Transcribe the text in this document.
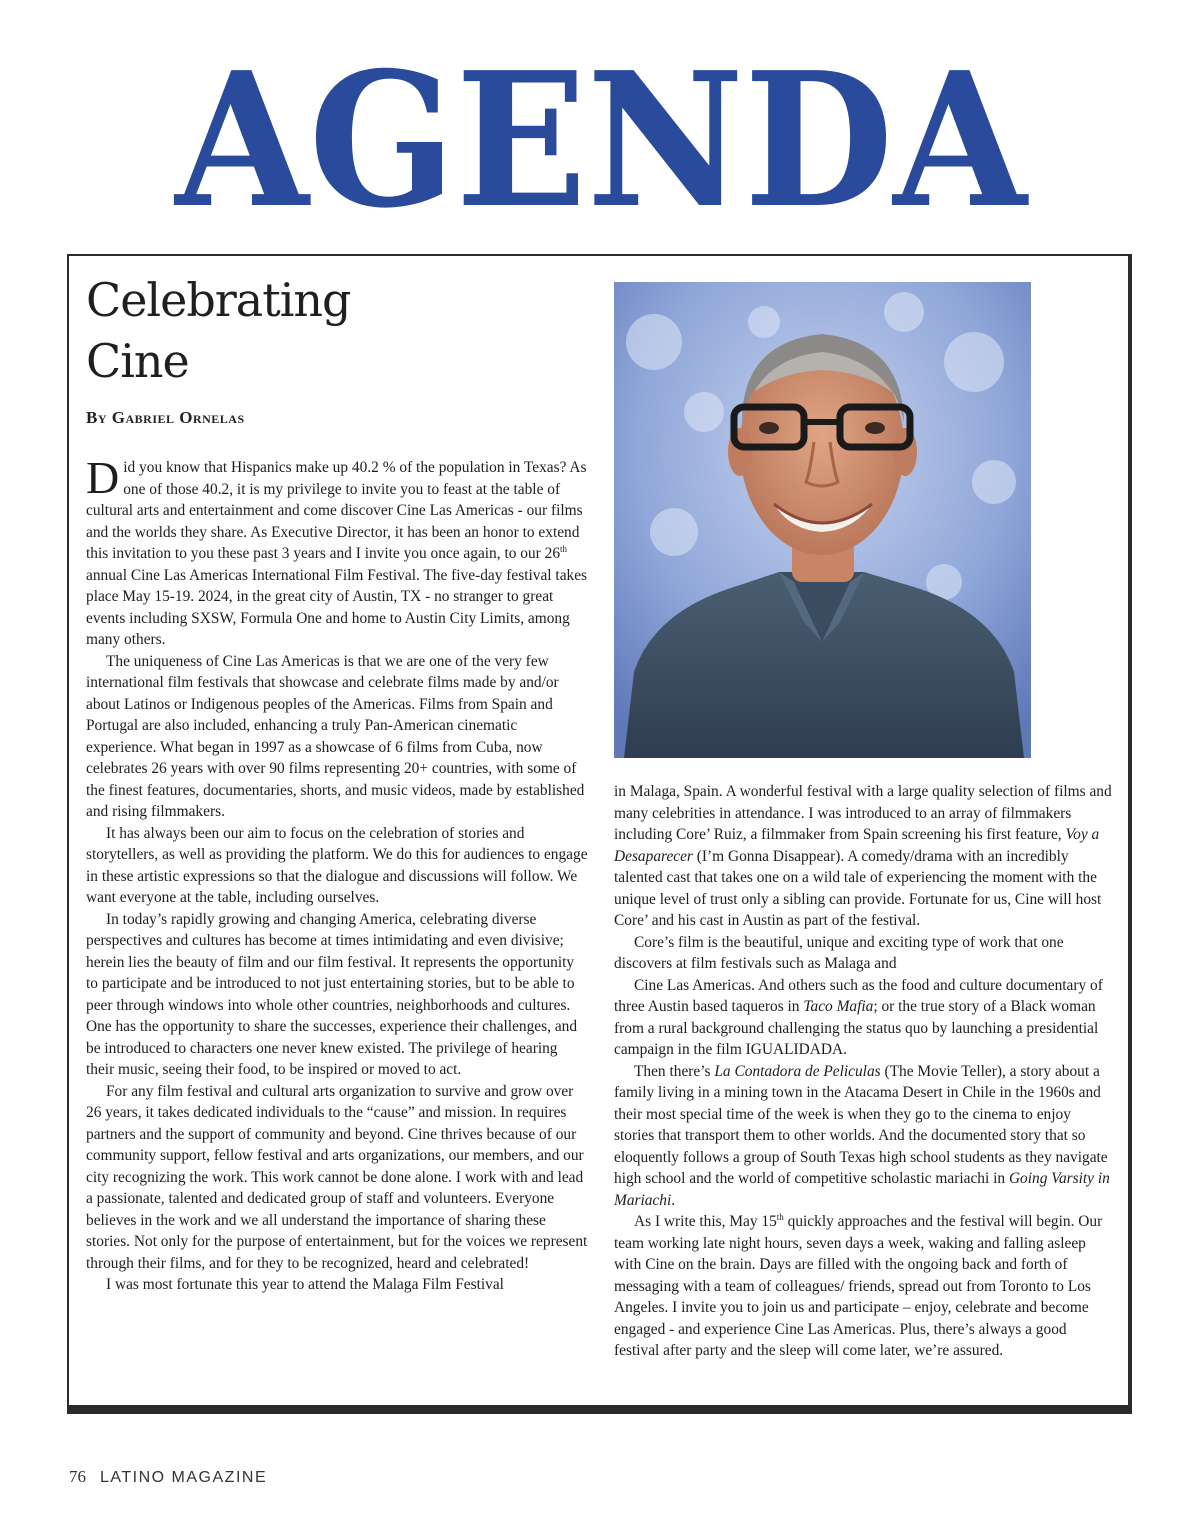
AGENDA
Celebrating
Cine
By Gabriel Ornelas

Did you know that Hispanics make up 40.2 % of the population in Texas? As one of those 40.2, it is my privilege to invite you to feast at the table of cultural arts and entertainment and come discover Cine Las Americas - our films and the worlds they share. As Executive Director, it has been an honor to extend this invitation to you these past 3 years and I invite you once again, to our 26th annual Cine Las Americas International Film Festival. The five-day festival takes place May 15-19. 2024, in the great city of Austin, TX - no stranger to great events including SXSW, Formula One and home to Austin City Limits, among many others.

The uniqueness of Cine Las Americas is that we are one of the very few international film festivals that showcase and celebrate films made by and/or about Latinos or Indigenous peoples of the Americas. Films from Spain and Portugal are also included, enhancing a truly Pan-American cinematic experience. What began in 1997 as a showcase of 6 films from Cuba, now celebrates 26 years with over 90 films representing 20+ countries, with some of the finest features, documentaries, shorts, and music videos, made by established and rising filmmakers.

It has always been our aim to focus on the celebration of stories and storytellers, as well as providing the platform. We do this for audiences to engage in these artistic expressions so that the dialogue and discussions will follow. We want everyone at the table, including ourselves.

In today’s rapidly growing and changing America, celebrating diverse perspectives and cultures has become at times intimidating and even divisive; herein lies the beauty of film and our film festival. It represents the opportunity to participate and be introduced to not just entertaining stories, but to be able to peer through windows into whole other countries, neighborhoods and cultures. One has the opportunity to share the successes, experience their challenges, and be introduced to characters one never knew existed. The privilege of hearing their music, seeing their food, to be inspired or moved to act.

For any film festival and cultural arts organization to survive and grow over 26 years, it takes dedicated individuals to the “cause” and mission. In requires partners and the support of community and beyond. Cine thrives because of our community support, fellow festival and arts organizations, our members, and our city recognizing the work. This work cannot be done alone. I work with and lead a passionate, talented and dedicated group of staff and volunteers. Everyone believes in the work and we all understand the importance of sharing these stories. Not only for the purpose of entertainment, but for the voices we represent through their films, and for they to be recognized, heard and celebrated!

I was most fortunate this year to attend the Malaga Film Festival

in Malaga, Spain. A wonderful festival with a large quality selection of films and many celebrities in attendance. I was introduced to an array of filmmakers including Core’ Ruiz, a filmmaker from Spain screening his first feature, Voy a Desaparecer (I’m Gonna Disappear). A comedy/drama with an incredibly talented cast that takes one on a wild tale of experiencing the moment with the unique level of trust only a sibling can provide. Fortunate for us, Cine will host Core’ and his cast in Austin as part of the festival.

Core’s film is the beautiful, unique and exciting type of work that one discovers at film festivals such as Malaga and

Cine Las Americas. And others such as the food and culture documentary of three Austin based taqueros in Taco Mafia; or the true story of a Black woman from a rural background challenging the status quo by launching a presidential campaign in the film IGUALIDADA.

Then there’s La Contadora de Peliculas (The Movie Teller), a story about a family living in a mining town in the Atacama Desert in Chile in the 1960s and their most special time of the week is when they go to the cinema to enjoy stories that transport them to other worlds. And the documented story that so eloquently follows a group of South Texas high school students as they navigate high school and the world of competitive scholastic mariachi in Going Varsity in Mariachi.

As I write this, May 15th quickly approaches and the festival will begin. Our team working late night hours, seven days a week, waking and falling asleep with Cine on the brain. Days are filled with the ongoing back and forth of messaging with a team of colleagues/ friends, spread out from Toronto to Los Angeles. I invite you to join us and participate – enjoy, celebrate and become engaged - and experience Cine Las Americas. Plus, there’s always a good festival after party and the sleep will come later, we’re assured.

76 LATINO MAGAZINE
